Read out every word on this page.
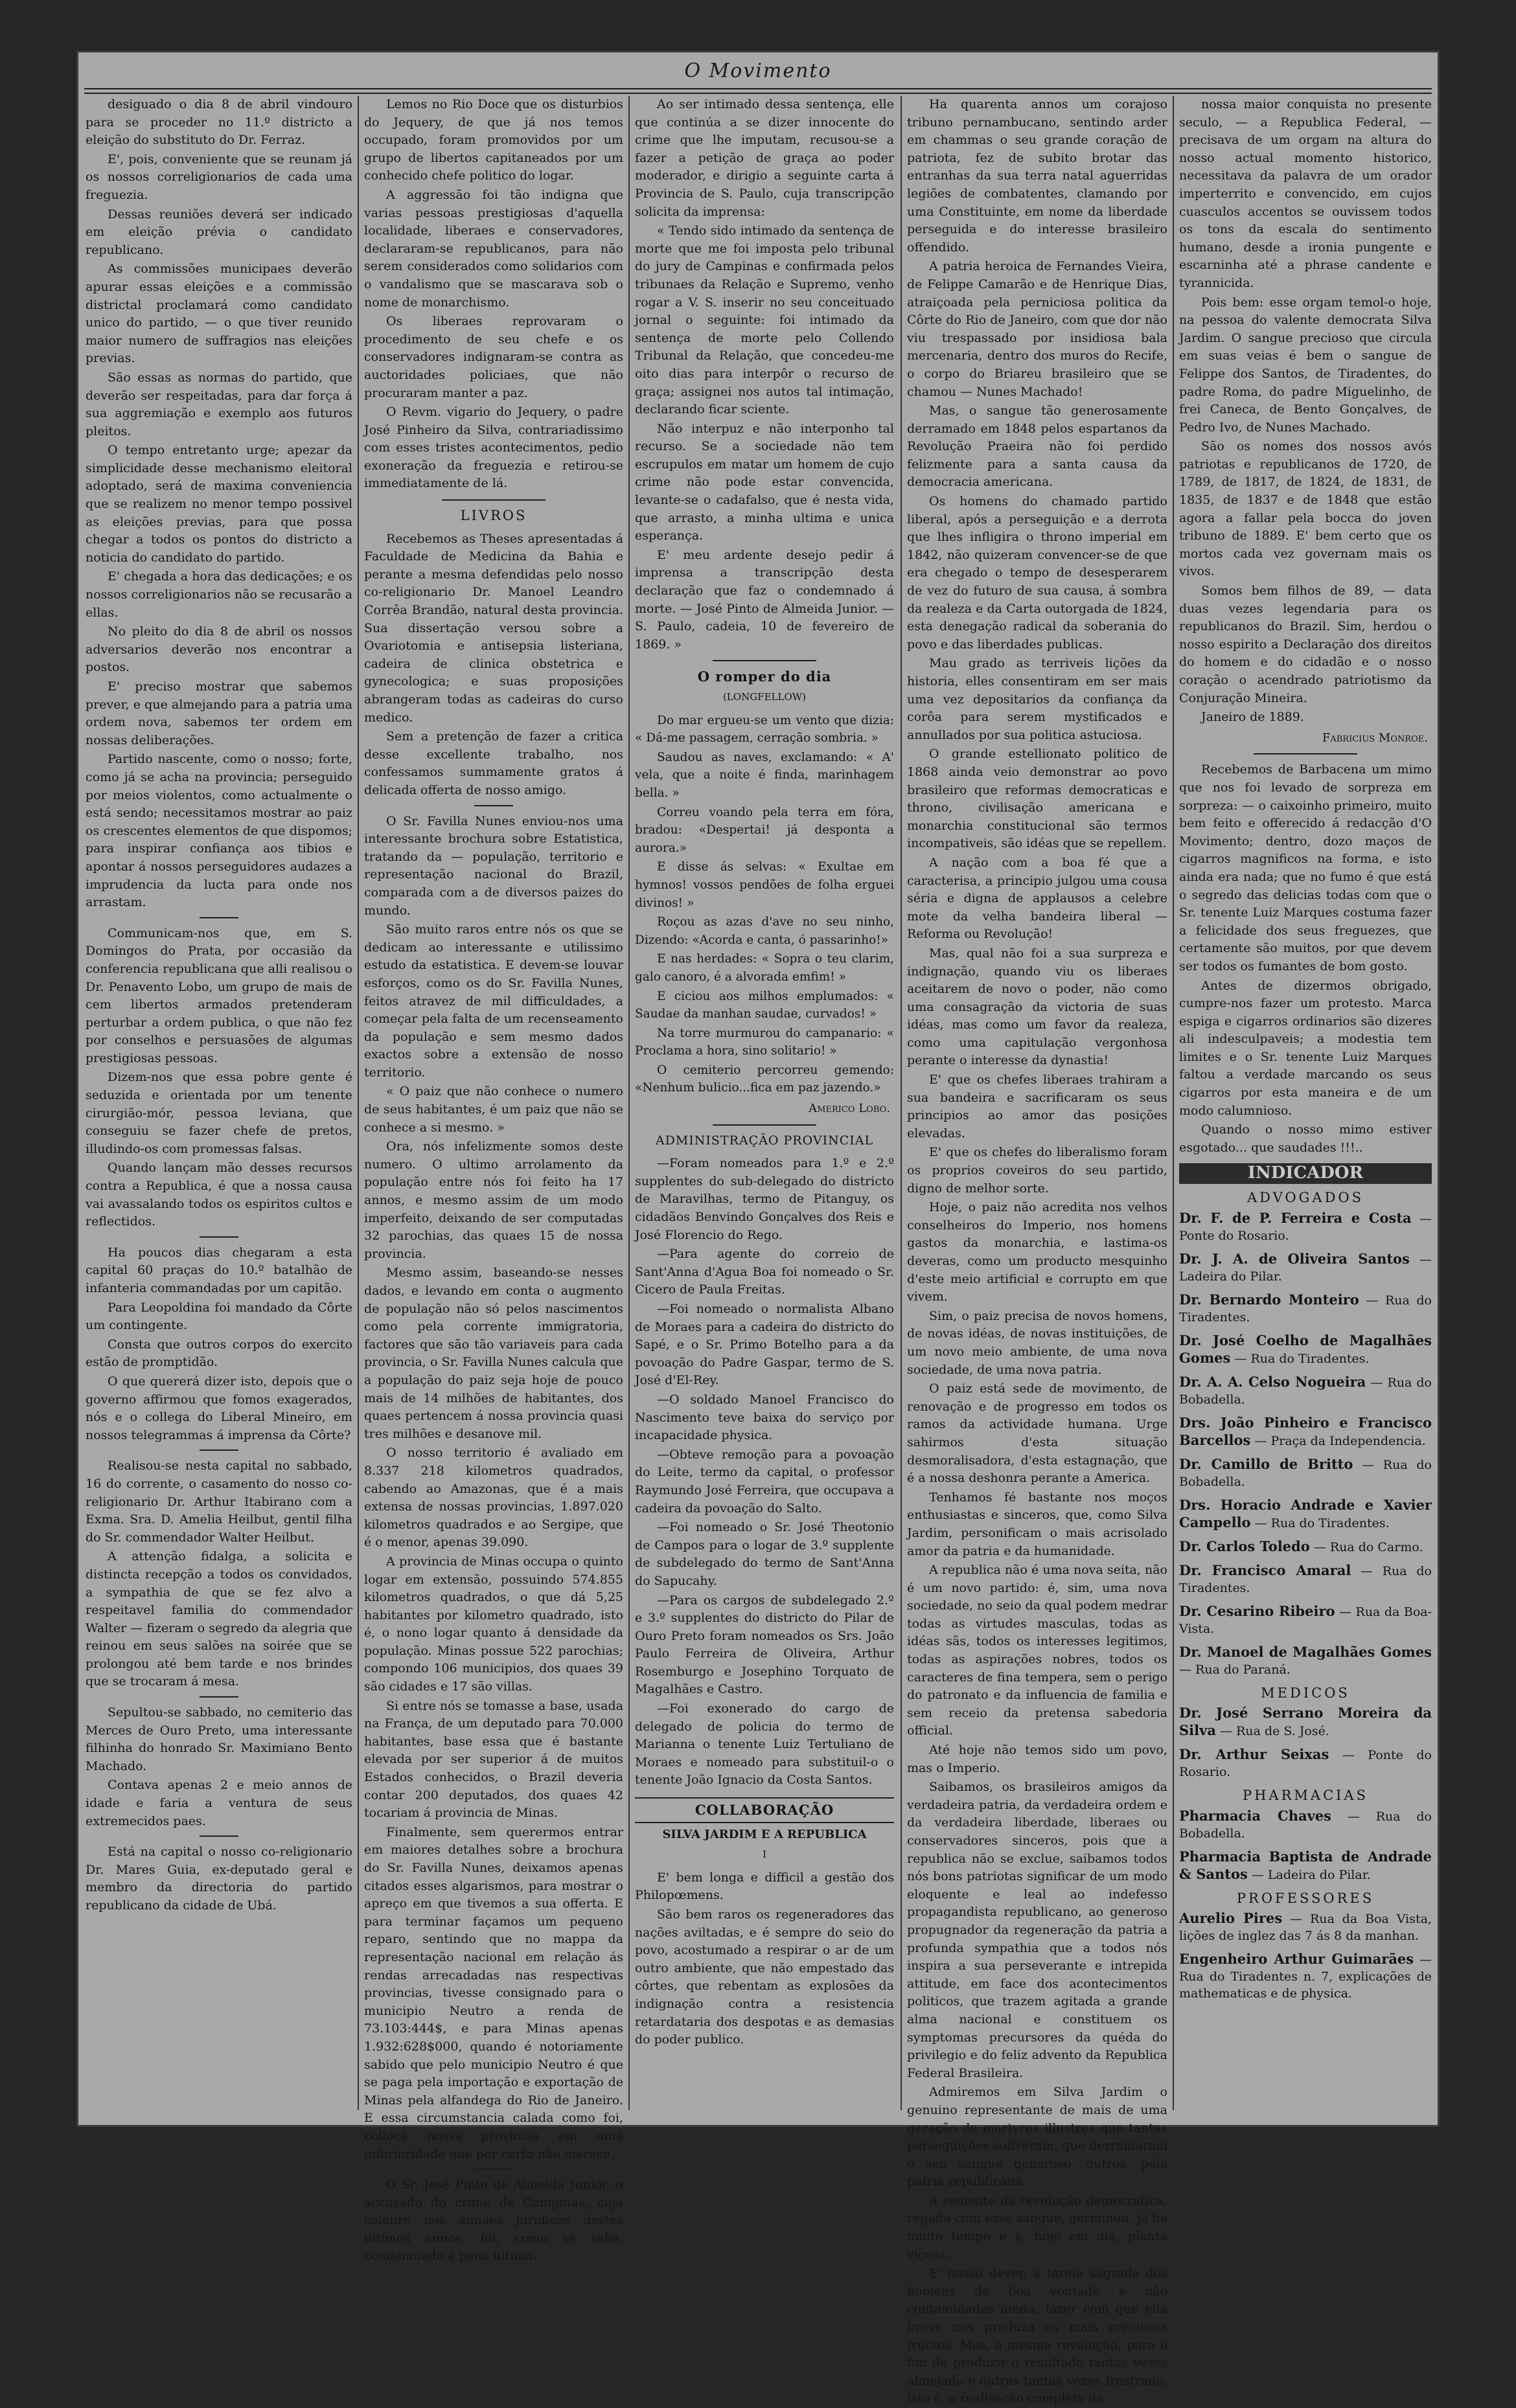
O Movimento

desiguado o dia 8 de abril vindouro para se proceder no 11.º districto a eleição do substituto do Dr. Ferraz.

E', pois, conveniente que se reunam já os nossos correligionarios de cada uma freguezia.

Dessas reuniões deverá ser indicado em eleição prévia o candidato republicano.

As commissões municipaes deverão apurar essas eleições e a commissão districtal proclamará como candidato unico do partido, — o que tiver reunido maior numero de suffragios nas eleições previas.

São essas as normas do partido, que deverão ser respeitadas, para dar força á sua aggremiação e exemplo aos futuros pleitos.

O tempo entretanto urge; apezar da simplicidade desse mechanismo eleitoral adoptado, será de maxima conveniencia que se realizem no menor tempo possivel as eleições previas, para que possa chegar a todos os pontos do districto a noticia do candidato do partido.

E' chegada a hora das dedicações; e os nossos correligionarios não se recusarão a ellas.

No pleito do dia 8 de abril os nossos adversarios deverão nos encontrar a postos.

E' preciso mostrar que sabemos prever, e que almejando para a patria uma ordem nova, sabemos ter ordem em nossas deliberações.

Partido nascente, como o nosso; forte, como já se acha na provincia; perseguido por meios violentos, como actualmente o está sendo; necessitamos mostrar ao paiz os crescentes elementos de que dispomos; para inspirar confiança aos tibios e apontar á nossos perseguidores audazes a imprudencia da lucta para onde nos arrastam.

Communicam-nos que, em S. Domingos do Prata, por occasião da conferencia republicana que alli realisou o Dr. Penavento Lobo, um grupo de mais de cem libertos armados pretenderam perturbar a ordem publica, o que não fez por conselhos e persuasões de algumas prestigiosas pessoas.

Dizem-nos que essa pobre gente é seduzida e orientada por um tenente cirurgião-mór, pessoa leviana, que conseguiu se fazer chefe de pretos, illudindo-os com promessas falsas.

Quando lançam mão desses recursos contra a Republica, é que a nossa causa vai avassalando todos os espiritos cultos e reflectidos.

Ha poucos dias chegaram a esta capital 60 praças do 10.º batalhão de infanteria commandadas por um capitão.

Para Leopoldina foi mandado da Côrte um contingente.

Consta que outros corpos do exercito estão de promptidão.

O que quererá dizer isto, depois que o governo affirmou que fomos exagerados, nós e o collega do Liberal Mineiro, em nossos telegrammas á imprensa da Côrte?

Realisou-se nesta capital no sabbado, 16 do corrente, o casamento do nosso co-religionario Dr. Arthur Itabirano com a Exma. Sra. D. Amelia Heilbut, gentil filha do Sr. commendador Walter Heilbut.

A attenção fidalga, a solicita e distincta recepção a todos os convidados, a sympathia de que se fez alvo a respeitavel familia do commendador Walter — fizeram o segredo da alegria que reinou em seus salões na soirée que se prolongou até bem tarde e nos brindes que se trocaram á mesa.

Sepultou-se sabbado, no cemiterio das Merces de Ouro Preto, uma interessante filhinha do honrado Sr. Maximiano Bento Machado.

Contava apenas 2 e meio annos de idade e faria a ventura de seus extremecidos paes.

Está na capital o nosso co-religionario Dr. Mares Guia, ex-deputado geral e membro da directoria do partido republicano da cidade de Ubá.

Lemos no Rio Doce que os disturbios do Jequery, de que já nos temos occupado, foram promovidos por um grupo de libertos capitaneados por um conhecido chefe politico do logar.

A aggressão foi tão indigna que varias pessoas prestigiosas d'aquella localidade, liberaes e conservadores, declararam-se republicanos, para não serem considerados como solidarios com o vandalismo que se mascarava sob o nome de monarchismo.

Os liberaes reprovaram o procedimento de seu chefe e os conservadores indignaram-se contra as auctoridades policiaes, que não procuraram manter a paz.

O Revm. vigario do Jequery, o padre José Pinheiro da Silva, contrariadissimo com esses tristes acontecimentos, pedio exoneração da freguezia e retirou-se immediatamente de lá.

LIVROS

Recebemos as Theses apresentadas á Faculdade de Medicina da Bahia e perante a mesma defendidas pelo nosso co-religionario Dr. Manoel Leandro Corrêa Brandão, natural desta provincia. Sua dissertação versou sobre a Ovariotomia e antisepsia listeriana, cadeira de clinica obstetrica e gynecologica; e suas proposições abrangeram todas as cadeiras do curso medico.

Sem a pretenção de fazer a critica desse excellente trabalho, nos confessamos summamente gratos á delicada offerta de nosso amigo.

O Sr. Favilla Nunes enviou-nos uma interessante brochura sobre Estatistica, tratando da — população, territorio e representação nacional do Brazil, comparada com a de diversos paizes do mundo.

São muito raros entre nós os que se dedicam ao interessante e utilissimo estudo da estatistica. E devem-se louvar esforços, como os do Sr. Favilla Nunes, feitos atravez de mil difficuldades, a começar pela falta de um recenseamento da população e sem mesmo dados exactos sobre a extensão de nosso territorio.

« O paiz que não conhece o numero de seus habitantes, é um paiz que não se conhece a si mesmo. »

Ora, nós infelizmente somos deste numero. O ultimo arrolamento da população entre nós foi feito ha 17 annos, e mesmo assim de um modo imperfeito, deixando de ser computadas 32 parochias, das quaes 15 de nossa provincia.

Mesmo assim, baseando-se nesses dados, e levando em conta o augmento de população não só pelos nascimentos como pela corrente immigratoria, factores que são tão variaveis para cada provincia, o Sr. Favilla Nunes calcula que a população do paiz seja hoje de pouco mais de 14 milhões de habitantes, dos quaes pertencem á nossa provincia quasi tres milhões e desanove mil.

O nosso territorio é avaliado em 8.337 218 kilometros quadrados, cabendo ao Amazonas, que é a mais extensa de nossas provincias, 1.897.020 kilometros quadrados e ao Sergipe, que é o menor, apenas 39.090.

A provincia de Minas occupa o quinto logar em extensão, possuindo 574.855 kilometros quadrados, o que dá 5,25 habitantes por kilometro quadrado, isto é, o nono logar quanto á densidade da população. Minas possue 522 parochias; compondo 106 municipios, dos quaes 39 são cidades e 17 são villas.

Si entre nós se tomasse a base, usada na França, de um deputado para 70.000 habitantes, base essa que é bastante elevada por ser superior á de muitos Estados conhecidos, o Brazil deveria contar 200 deputados, dos quaes 42 tocariam á provincia de Minas.

Finalmente, sem querermos entrar em maiores detalhes sobre a brochura do Sr. Favilla Nunes, deixamos apenas citados esses algarismos, para mostrar o apreço em que tivemos a sua offerta. E para terminar façamos um pequeno reparo, sentindo que no mappa da representação nacional em relação ás rendas arrecadadas nas respectivas provincias, tivesse consignado para o municipio Neutro a renda de 73.103:444$, e para Minas apenas 1.932:628$000, quando é notoriamente sabido que pelo municipio Neutro é que se paga pela importação e exportação de Minas pela alfandega do Rio de Janeiro. E essa circumstancia calada como foi, colloca nossa provincia em uma inferioridade que por certo não merece.

O Sr. José Pinto de Almeida Junior, o accusado do crime de Campinas, cuja celebre nos annaes juridicos destes ultimos annos, foi, como se sabe, condemnado á pena ultima.

Ao ser intimado dessa sentença, elle que continúa a se dizer innocente do crime que lhe imputam, recusou-se a fazer a petição de graça ao poder moderador, e dirigio a seguinte carta á Provincia de S. Paulo, cuja transcripção solicita da imprensa:

« Tendo sido intimado da sentença de morte que me foi imposta pelo tribunal do jury de Campinas e confirmada pelos tribunaes da Relação e Supremo, venho rogar a V. S. inserir no seu conceituado jornal o seguinte: foi intimado da sentença de morte pelo Collendo Tribunal da Relação, que concedeu-me oito dias para interpôr o recurso de graça; assignei nos autos tal intimação, declarando ficar sciente.

Não interpuz e não interponho tal recurso. Se a sociedade não tem escrupulos em matar um homem de cujo crime não pode estar convencida, levante-se o cadafalso, que é nesta vida, que arrasto, a minha ultima e unica esperança.

E' meu ardente desejo pedir á imprensa a transcripção desta declaração que faz o condemnado á morte. — José Pinto de Almeida Junior. — S. Paulo, cadeia, 10 de fevereiro de 1869. »

O romper do dia
(LONGFELLOW)

Do mar ergueu-se um vento que dizia: « Dá-me passagem, cerração sombria. »

Saudou as naves, exclamando: « A' vela, que a noite é finda, marinhagem bella. »

Correu voando pela terra em fóra, bradou: «Despertai! já desponta a aurora.»

E disse ás selvas: « Exultae em hymnos! vossos pendões de folha erguei divinos! »

Roçou as azas d'ave no seu ninho, Dizendo: «Acorda e canta, ó passarinho!»

E nas herdades: « Sopra o teu clarim, galo canoro, é a alvorada emfim! »

E ciciou aos milhos emplumados: « Saudae da manhan saudae, curvados! »

Na torre murmurou do campanario: « Proclama a hora, sino solitario! »

O cemiterio percorreu gemendo: «Nenhum bulicio...fica em paz jazendo.»

Americo Lobo.
ADMINISTRAÇÃO PROVINCIAL

—Foram nomeados para 1.º e 2.º supplentes do sub-delegado do districto de Maravilhas, termo de Pitanguy, os cidadãos Benvindo Gonçalves dos Reis e José Florencio do Rego.

—Para agente do correio de Sant'Anna d'Agua Boa foi nomeado o Sr. Cicero de Paula Freitas.

—Foi nomeado o normalista Albano de Moraes para a cadeira do districto do Sapé, e o Sr. Primo Botelho para a da povoação do Padre Gaspar, termo de S. José d'El-Rey.

—O soldado Manoel Francisco do Nascimento teve baixa do serviço por incapacidade physica.

—Obteve remoção para a povoação do Leite, termo da capital, o professor Raymundo José Ferreira, que occupava a cadeira da povoação do Salto.

—Foi nomeado o Sr. José Theotonio de Campos para o logar de 3.º supplente de subdelegado do termo de Sant'Anna do Sapucahy.

—Para os cargos de subdelegado 2.º e 3.º supplentes do districto do Pilar de Ouro Preto foram nomeados os Srs. João Paulo Ferreira de Oliveira, Arthur Rosemburgo e Josephino Torquato de Magalhães e Castro.

—Foi exonerado do cargo de delegado de policia do termo de Marianna o tenente Luiz Tertuliano de Moraes e nomeado para substituil-o o tenente João Ignacio da Costa Santos.

COLLABORAÇÃO
SILVA JARDIM E A REPUBLICA
I

E' bem longa e difficil a gestão dos Philopœmens.

São bem raros os regeneradores das nações aviltadas, e é sempre do seio do povo, acostumado a respirar o ar de um outro ambiente, que não empestado das côrtes, que rebentam as explosões da indignação contra a resistencia retardataria dos despotas e as demasias do poder publico.

Ha quarenta annos um corajoso tribuno pernambucano, sentindo arder em chammas o seu grande coração de patriota, fez de subito brotar das entranhas da sua terra natal aguerridas legiões de combatentes, clamando por uma Constituinte, em nome da liberdade perseguida e do interesse brasileiro offendido.

A patria heroica de Fernandes Vieira, de Felippe Camarão e de Henrique Dias, atraiçoada pela perniciosa politica da Côrte do Rio de Janeiro, com que dor não viu trespassado por insidiosa bala mercenaria, dentro dos muros do Recife, o corpo do Briareu brasileiro que se chamou — Nunes Machado!

Mas, o sangue tão generosamente derramado em 1848 pelos espartanos da Revolução Praeira não foi perdido felizmente para a santa causa da democracia americana.

Os homens do chamado partido liberal, após a perseguição e a derrota que lhes infligira o throno imperial em 1842, não quizeram convencer-se de que era chegado o tempo de desesperarem de vez do futuro de sua causa, á sombra da realeza e da Carta outorgada de 1824, esta denegação radical da soberania do povo e das liberdades publicas.

Mau grado as terriveis lições da historia, elles consentiram em ser mais uma vez depositarios da confiança da corôa para serem mystificados e annullados por sua politica astuciosa.

O grande estellionato politico de 1868 ainda veio demonstrar ao povo brasileiro que reformas democraticas e throno, civilisação americana e monarchia constitucional são termos incompativeis, são idéas que se repellem.

A nação com a boa fé que a caracterisa, a principio julgou uma cousa séria e digna de applausos a celebre mote da velha bandeira liberal — Reforma ou Revolução!

Mas, qual não foi a sua surpreza e indignação, quando viu os liberaes aceitarem de novo o poder, não como uma consagração da victoria de suas idéas, mas como um favor da realeza, como uma capitulação vergonhosa perante o interesse da dynastia!

E' que os chefes liberaes trahiram a sua bandeira e sacrificaram os seus principios ao amor das posições elevadas.

E' que os chefes do liberalismo foram os proprios coveiros do seu partido, digno de melhor sorte.

Hoje, o paiz não acredita nos velhos conselheiros do Imperio, nos homens gastos da monarchia, e lastima-os deveras, como um producto mesquinho d'este meio artificial e corrupto em que vivem.

Sim, o paiz precisa de novos homens, de novas idéas, de novas instituições, de um novo meio ambiente, de uma nova sociedade, de uma nova patria.

O paiz está sede de movimento, de renovação e de progresso em todos os ramos da actividade humana. Urge sahirmos d'esta situação desmoralisadora, d'esta estagnação, que é a nossa deshonra perante a America.

Tenhamos fé bastante nos moços enthusiastas e sinceros, que, como Silva Jardim, personificam o mais acrisolado amor da patria e da humanidade.

A republica não é uma nova seita, não é um novo partido: é, sim, uma nova sociedade, no seio da qual podem medrar todas as virtudes masculas, todas as idéas sãs, todos os interesses legitimos, todas as aspirações nobres, todos os caracteres de fina tempera, sem o perigo do patronato e da influencia de familia e sem receio da pretensa sabedoria official.

Até hoje não temos sido um povo, mas o Imperio.

Saibamos, os brasileiros amigos da verdadeira patria, da verdadeira ordem e da verdadeira liberdade, liberaes ou conservadores sinceros, pois que a republica não se exclue, saibamos todos nós bons patriotas significar de um modo eloquente e leal ao indefesso propagandista republicano, ao generoso propugnador da regeneração da patria a profunda sympathia que a todos nós inspira a sua perseverante e intrepida attitude, em face dos acontecimentos politicos, que trazem agitada a grande alma nacional e constituem os symptomas precursores da quéda do privilegio e do feliz advento da Republica Federal Brasileira.

Admiremos em Silva Jardim o genuino representante de mais de uma geração de martyres illustres que tantas perseguições soffreram, que derramaram o seu sangue generoso, outros, pela patria republicana.

A semente da revolução democratica, regada com esse sangue, germinou, já ha muito tempo e é, hoje em dia, planta viçosa.

E' nosso dever, a tarefa sagrada dos homens de boa vontade e não contaminados ainda, fazer com que ella breve nos produza os mais preciosos fructos. Mas, a mesma revolução, para o fim de produzir o resultado tantas vezes almejado e outras tantas vezes frustrado, isto é, a realisação completa da

nossa maior conquista no presente seculo, — a Republica Federal, — precisava de um orgam na altura do nosso actual momento historico, necessitava da palavra de um orador imperterrito e convencido, em cujos cuasculos accentos se ouvissem todos os tons da escala do sentimento humano, desde a ironia pungente e escarninha até a phrase candente e tyrannicida.

Pois bem: esse orgam temol-o hoje, na pessoa do valente democrata Silva Jardim. O sangue precioso que circula em suas veias é bem o sangue de Felippe dos Santos, de Tiradentes, do padre Roma, do padre Miguelinho, de frei Caneca, de Bento Gonçalves, de Pedro Ivo, de Nunes Machado.

São os nomes dos nossos avós patriotas e republicanos de 1720, de 1789, de 1817, de 1824, de 1831, de 1835, de 1837 e de 1848 que estão agora a fallar pela bocca do joven tribuno de 1889. E' bem certo que os mortos cada vez governam mais os vivos.

Somos bem filhos de 89, — data duas vezes legendaria para os republicanos do Brazil. Sim, herdou o nosso espirito a Declaração dos direitos do homem e do cidadão e o nosso coração o acendrado patriotismo da Conjuração Mineira.

Janeiro de 1889.

Fabricius Monroe.

Recebemos de Barbacena um mimo que nos foi levado de sorpreza em sorpreza: — o caixoinho primeiro, muito bem feito e offerecido á redacção d'O Movimento; dentro, dozo maços de cigarros magnificos na forma, e isto ainda era nada; que no fumo é que está o segredo das delicias todas com que o Sr. tenente Luiz Marques costuma fazer a felicidade dos seus freguezes, que certamente são muitos, por que devem ser todos os fumantes de bom gosto.

Antes de dizermos obrigado, cumpre-nos fazer um protesto. Marca espiga e cigarros ordinarios são dizeres ali indesculpaveis; a modestia tem limites e o Sr. tenente Luiz Marques faltou a verdade marcando os seus cigarros por esta maneira e de um modo calumnioso.

Quando o nosso mimo estiver esgotado... que saudades !!!..

INDICADOR
ADVOGADOS
Dr. F. de P. Ferreira e Costa — Ponte do Rosario.
Dr. J. A. de Oliveira Santos — Ladeira do Pilar.
Dr. Bernardo Monteiro — Rua do Tiradentes.
Dr. José Coelho de Magalhães Gomes — Rua do Tiradentes.
Dr. A. A. Celso Nogueira — Rua do Bobadella.
Drs. João Pinheiro e Francisco Barcellos — Praça da Independencia.
Dr. Camillo de Britto — Rua do Bobadella.
Drs. Horacio Andrade e Xavier Campello — Rua do Tiradentes.
Dr. Carlos Toledo — Rua do Carmo.
Dr. Francisco Amaral — Rua do Tiradentes.
Dr. Cesarino Ribeiro — Rua da Boa-Vista.
Dr. Manoel de Magalhães Gomes — Rua do Paraná.
MEDICOS
Dr. José Serrano Moreira da Silva — Rua de S. José.
Dr. Arthur Seixas — Ponte do Rosario.
PHARMACIAS
Pharmacia Chaves — Rua do Bobadella.
Pharmacia Baptista de Andrade & Santos — Ladeira do Pilar.
PROFESSORES
Aurelio Pires — Rua da Boa Vista, lições de inglez das 7 ás 8 da manhan.
Engenheiro Arthur Guimarães — Rua do Tiradentes n. 7, explicações de mathematicas e de physica.
